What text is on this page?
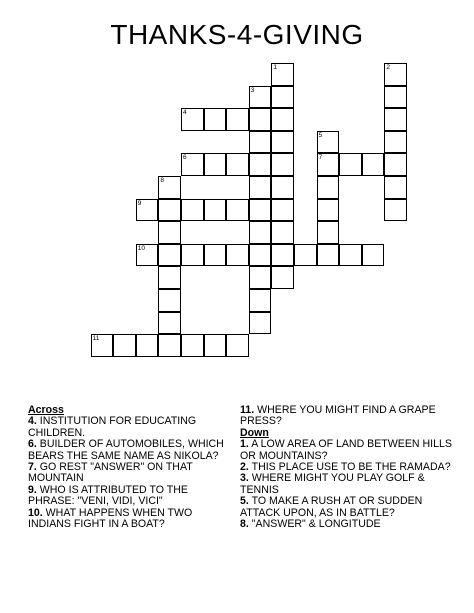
THANKS-4-GIVING
1	2
3
4
5
7
6
8
9
10
11

Across

4. INSTITUTION FOR EDUCATING CHILDREN.

6. BUILDER OF AUTOMOBILES, WHICH BEARS THE SAME NAME AS NIKOLA?

7. GO REST "ANSWER" ON THAT MOUNTAIN

9. WHO IS ATTRIBUTED TO THE PHRASE: "VENI, VIDI, VICI"

10. WHAT HAPPENS WHEN TWO INDIANS FIGHT IN A BOAT?

11. WHERE YOU MIGHT FIND A GRAPE PRESS?

Down

1. A LOW AREA OF LAND BETWEEN HILLS OR MOUNTAINS?

2. THIS PLACE USE TO BE THE RAMADA?

3. WHERE MIGHT YOU PLAY GOLF & TENNIS

5. TO MAKE A RUSH AT OR SUDDEN ATTACK UPON, AS IN BATTLE?

8. "ANSWER" & LONGITUDE
